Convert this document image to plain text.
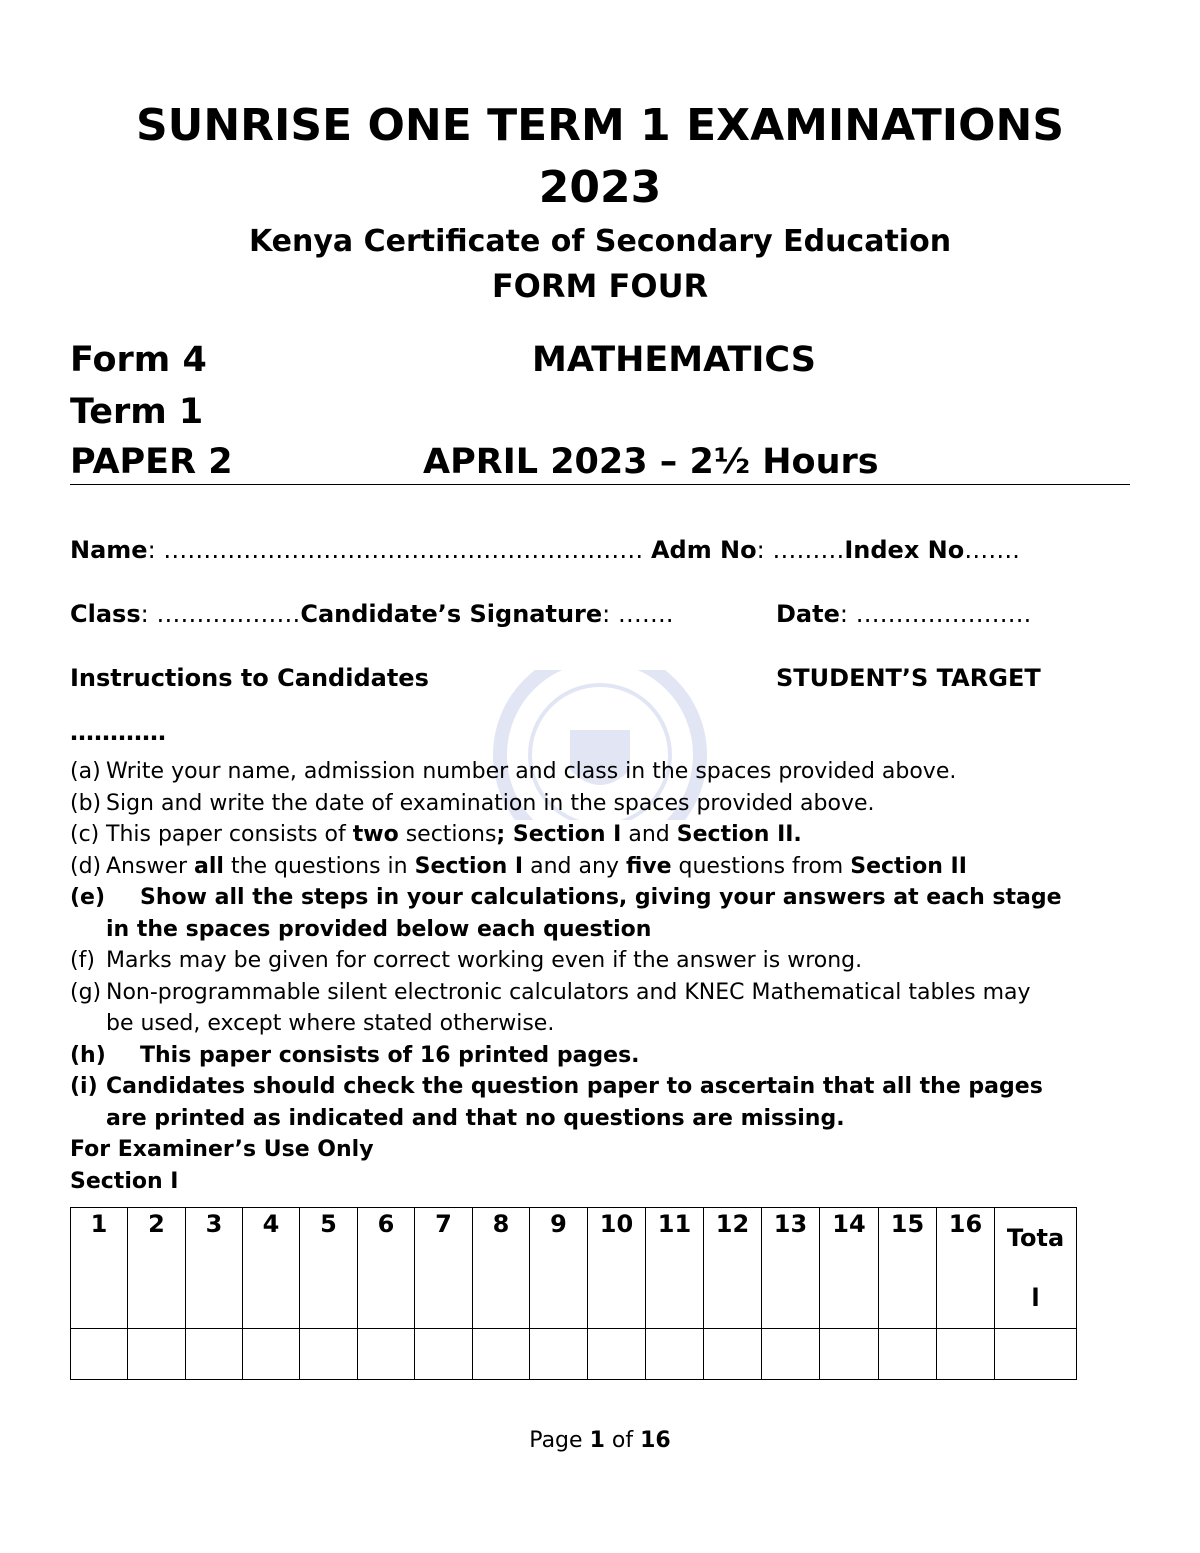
SUNRISE ONE TERM 1 EXAMINATIONS
2023
Kenya Certificate of Secondary Education
FORM FOUR
Form 4	MATHEMATICS
Term 1
PAPER 2	APRIL 2023 – 2½ Hours
Name: …………………………………………………… Adm No: ………Index No…….
Class: ………………Candidate’s Signature: …….	Date: ………………….
Instructions to Candidates	STUDENT’S TARGET
…………
(a) Write your name, admission number and class in the spaces provided above.
(b) Sign and write the date of examination in the spaces provided above.
(c) This paper consists of two sections; Section I and Section II.
(d) Answer all the questions in Section I and any five questions from Section II
(e)	Show all the steps in your calculations, giving your answers at each stage
in the spaces provided below each question
(f) Marks may be given for correct working even if the answer is wrong.
(g) Non-programmable silent electronic calculators and KNEC Mathematical tables may
be used, except where stated otherwise.
(h)	This paper consists of 16 printed pages.
(i) Candidates should check the question paper to ascertain that all the pages
are printed as indicated and that no questions are missing.
For Examiner’s Use Only
Section I
1	2	3	4	5	6	7	8	9	10	11	12	13	14	15	16	Total

Page 1 of 16
